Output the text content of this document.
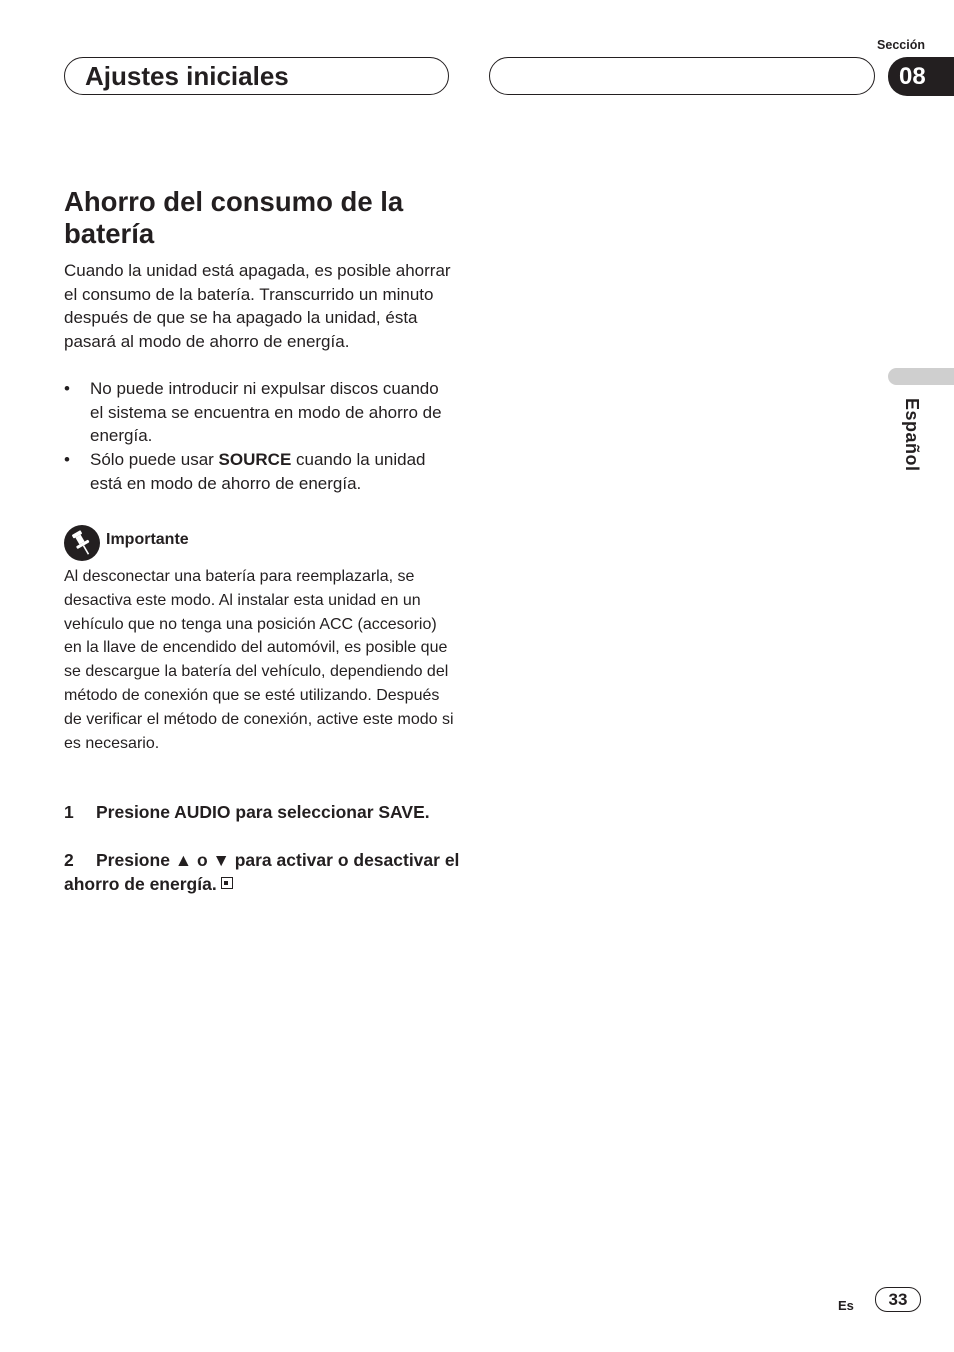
Sección
Ajustes iniciales	08
Español
Ahorro del consumo de la batería
Cuando la unidad está apagada, es posible ahorrar el consumo de la batería. Transcurrido un minuto después de que se ha apagado la unidad, ésta pasará al modo de ahorro de energía.
• No puede introducir ni expulsar discos cuando el sistema se encuentra en modo de ahorro de energía.
• Sólo puede usar SOURCE cuando la unidad está en modo de ahorro de energía.
Importante
Al desconectar una batería para reemplazarla, se desactiva este modo. Al instalar esta unidad en un vehículo que no tenga una posición ACC (accesorio) en la llave de encendido del automóvil, es posible que se descargue la batería del vehículo, dependiendo del método de conexión que se esté utilizando. Después de verificar el método de conexión, active este modo si es necesario.
1 Presione AUDIO para seleccionar SAVE.
2 Presione ▲ o ▼ para activar o desactivar el ahorro de energía.
Es	33
